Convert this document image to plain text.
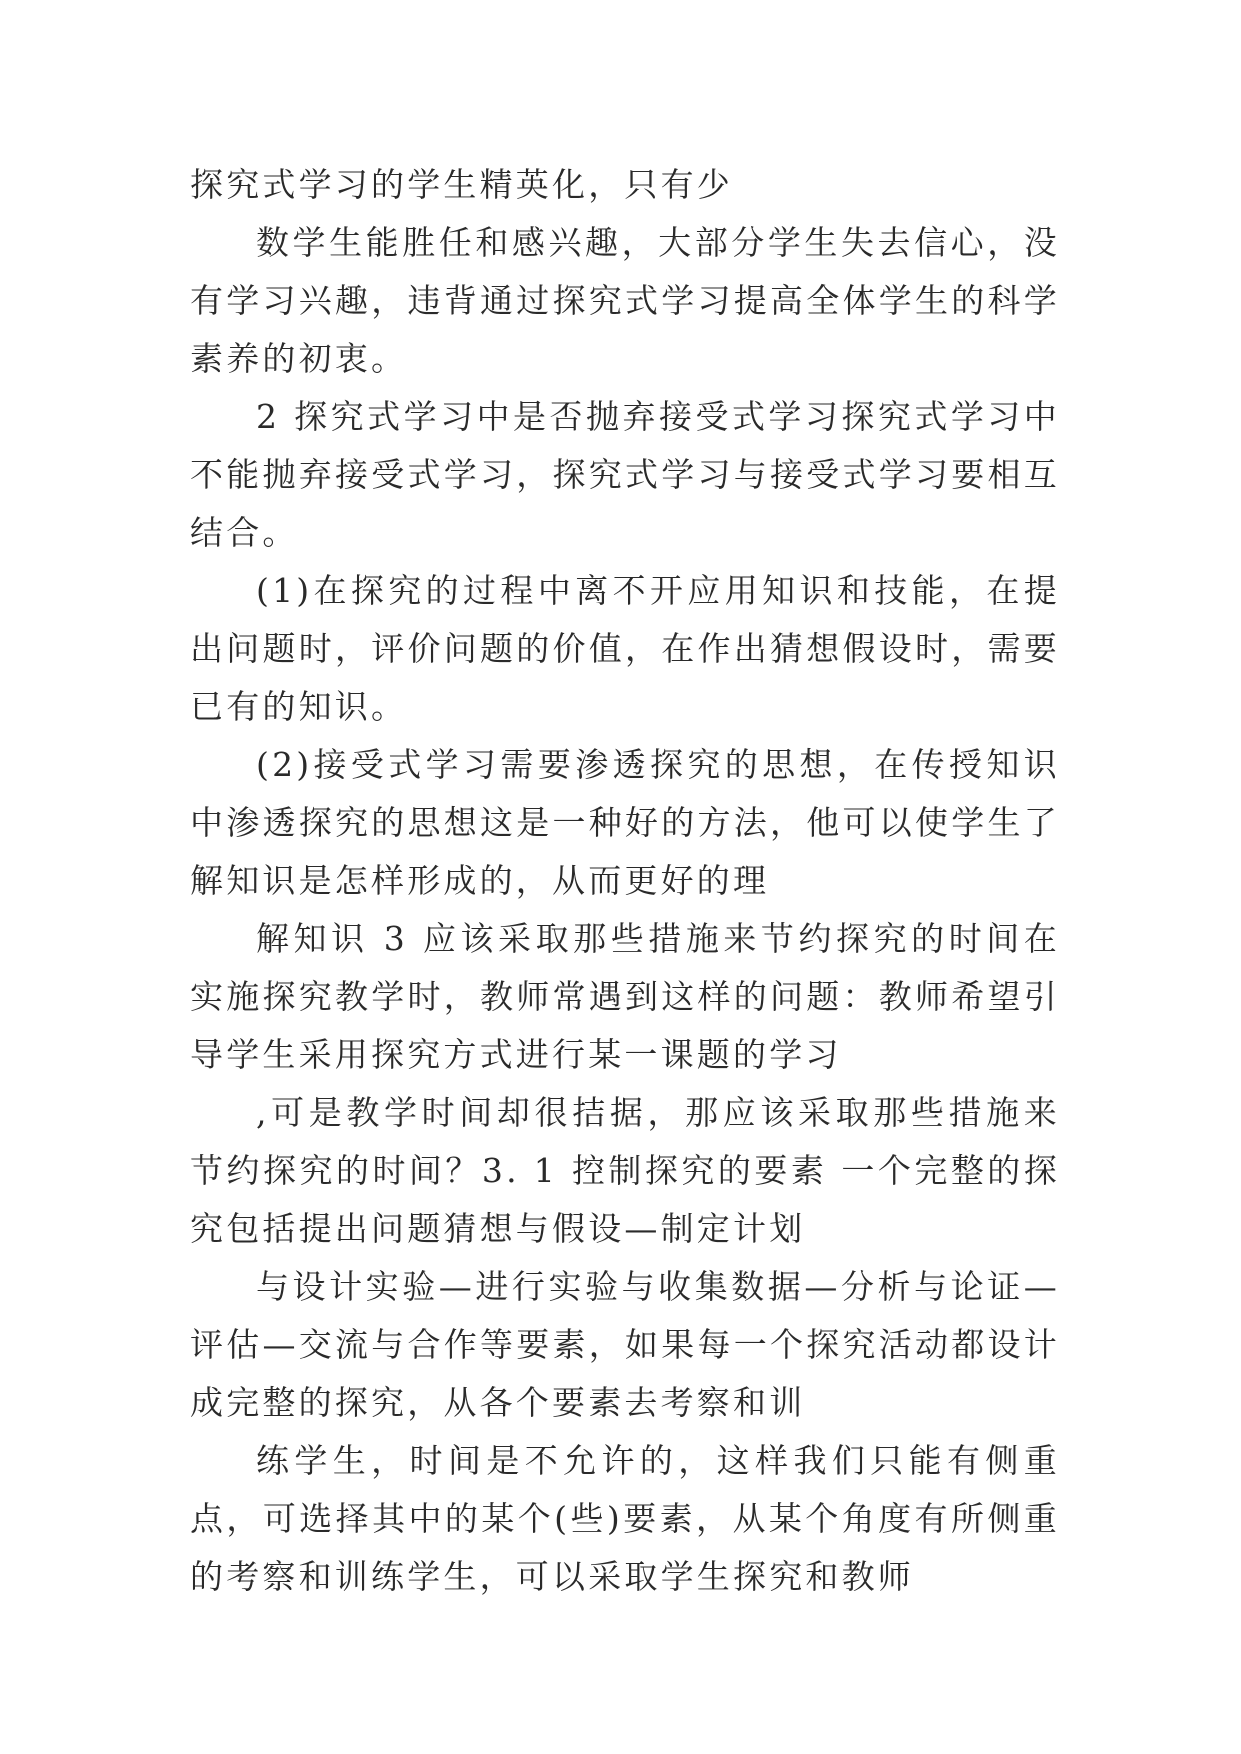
探究式学习的学生精英化，只有少

数学生能胜任和感兴趣，大部分学生失去信心，没有学习兴趣，违背通过探究式学习提高全体学生的科学素养的初衷。

2 探究式学习中是否抛弃接受式学习探究式学习中不能抛弃接受式学习，探究式学习与接受式学习要相互结合。

(1)在探究的过程中离不开应用知识和技能，在提出问题时，评价问题的价值，在作出猜想假设时，需要已有的知识。

(2)接受式学习需要渗透探究的思想，在传授知识中渗透探究的思想这是一种好的方法，他可以使学生了解知识是怎样形成的，从而更好的理

解知识 3 应该采取那些措施来节约探究的时间在实施探究教学时，教师常遇到这样的问题：教师希望引导学生采用探究方式进行某一课题的学习

,可是教学时间却很拮据，那应该采取那些措施来节约探究的时间？3. 1 控制探究的要素 一个完整的探究包括提出问题猜想与假设—制定计划

与设计实验—进行实验与收集数据—分析与论证—评估—交流与合作等要素，如果每一个探究活动都设计成完整的探究，从各个要素去考察和训

练学生，时间是不允许的，这样我们只能有侧重点，可选择其中的某个(些)要素，从某个角度有所侧重的考察和训练学生，可以采取学生探究和教师
